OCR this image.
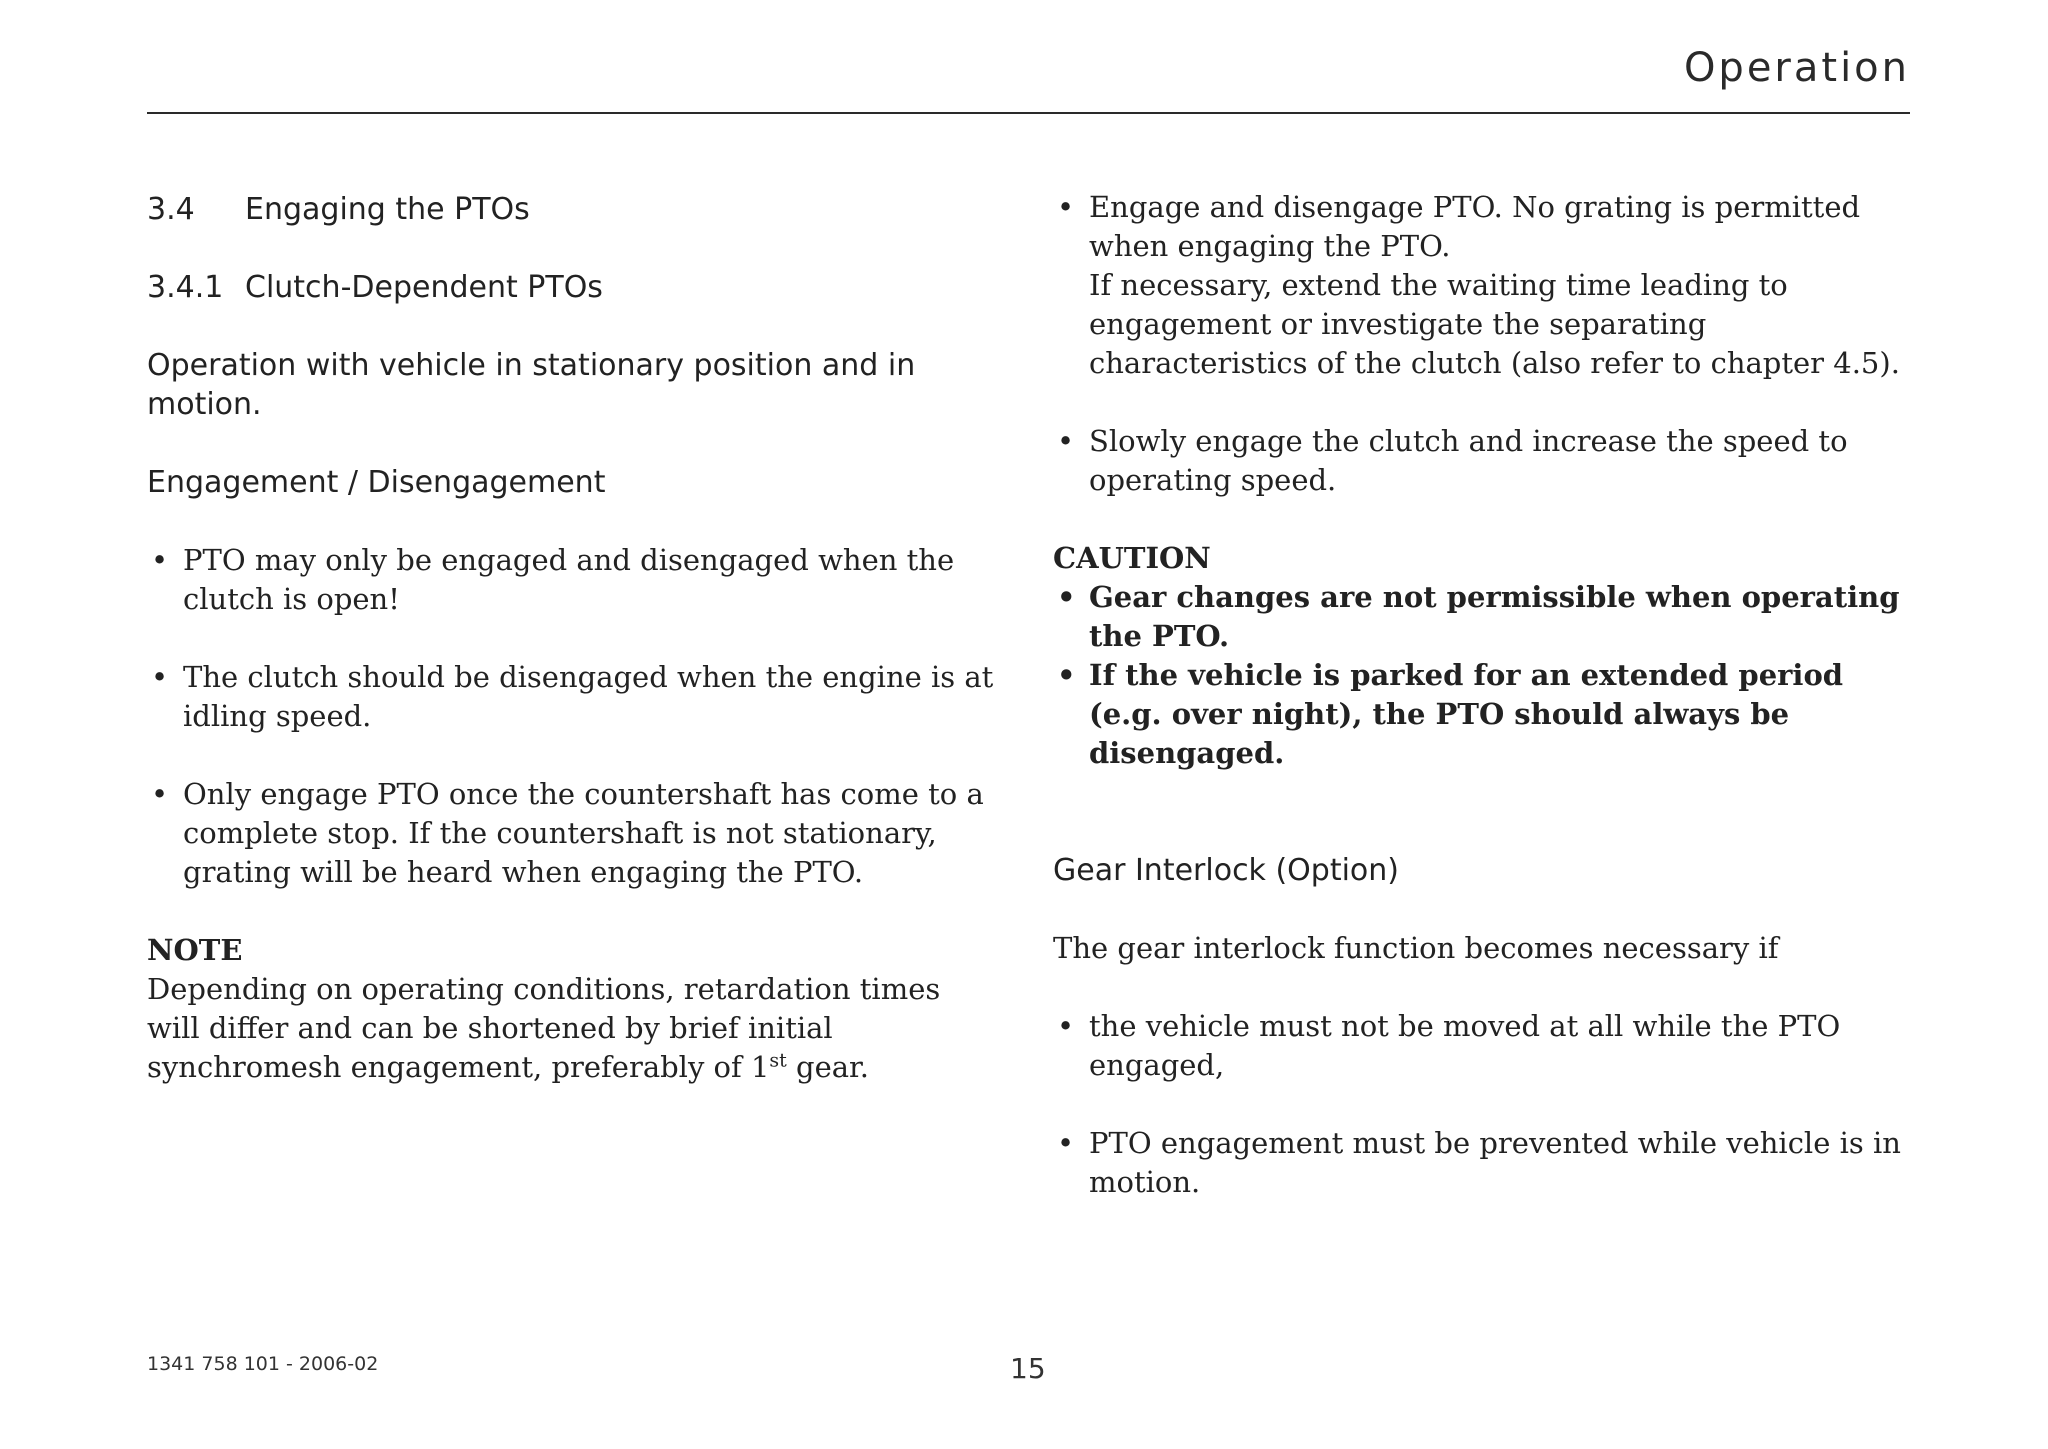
Operation
3.4	Engaging the PTOs
3.4.1 Clutch-Dependent PTOs
Operation with vehicle in stationary position and in motion.
Engagement / Disengagement
• PTO may only be engaged and disengaged when the clutch is open!
• The clutch should be disengaged when the engine is at idling speed.
• Only engage PTO once the countershaft has come to a complete stop. If the countershaft is not stationary, grating will be heard when engaging the PTO.
NOTE
Depending on operating conditions, retardation times will differ and can be shortened by brief initial synchromesh engagement, preferably of 1st gear.
• Engage and disengage PTO. No grating is permitted when engaging the PTO.
If necessary, extend the waiting time leading to engagement or investigate the separating characteristics of the clutch (also refer to chapter 4.5).
• Slowly engage the clutch and increase the speed to operating speed.
CAUTION
• Gear changes are not permissible when operating the PTO.
• If the vehicle is parked for an extended period (e.g. over night), the PTO should always be disengaged.
Gear Interlock (Option)
The gear interlock function becomes necessary if
• the vehicle must not be moved at all while the PTO engaged,
• PTO engagement must be prevented while vehicle is in motion.
1341 758 101 - 2006-02	15
